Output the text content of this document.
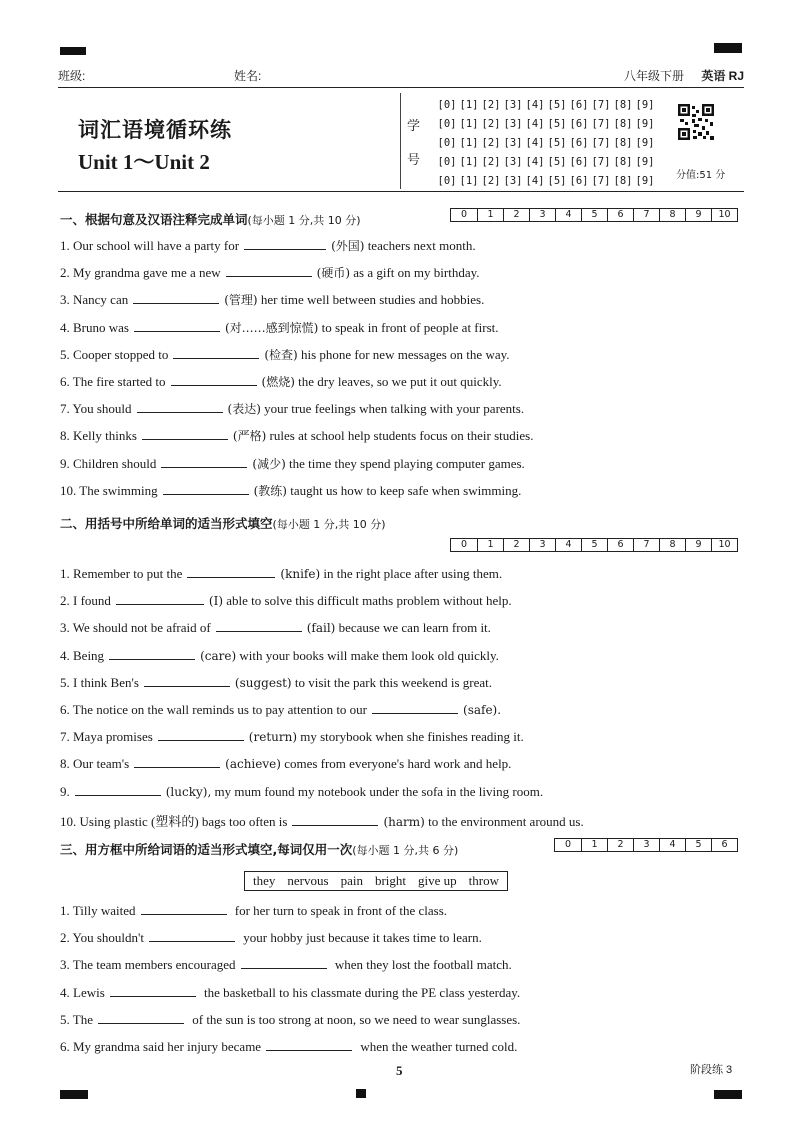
班级:	姓名:	八年级下册 英语 RJ
词汇语境循环练
Unit 1～Unit 2
学
号
[0] [1] [2] [3] [4] [5] [6] [7] [8] [9]
[0] [1] [2] [3] [4] [5] [6] [7] [8] [9]
[0] [1] [2] [3] [4] [5] [6] [7] [8] [9]
[0] [1] [2] [3] [4] [5] [6] [7] [8] [9]
[0] [1] [2] [3] [4] [5] [6] [7] [8] [9] 分值:51 分
一、根据句意及汉语注释完成单词(每小题 1 分,共 10 分)	0	1	2	3	4	5	6	7	8	9	10
1. Our school will have a party for	(外国) teachers next month.
2. My grandma gave me a new	(硬币) as a gift on my birthday.
3. Nancy can	(管理) her time well between studies and hobbies.
4. Bruno was	(对……感到惊慌) to speak in front of people at first.
5. Cooper stopped to	(检查) his phone for new messages on the way.
6. The fire started to	(燃烧) the dry leaves, so we put it out quickly.
7. You should	(表达) your true feelings when talking with your parents.
8. Kelly thinks	(严格) rules at school help students focus on their studies.
9. Children should	(减少) the time they spend playing computer games.
10. The swimming	(教练) taught us how to keep safe when swimming.
二、用括号中所给单词的适当形式填空(每小题 1 分,共 10 分)
0	1	2	3	4	5	6	7	8	9	10
1. Remember to put the	(knife) in the right place after using them.
2. I found	(I) able to solve this difficult maths problem without help.
3. We should not be afraid of	(fail) because we can learn from it.
4. Being	(care) with your books will make them look old quickly.
5. I think Ben's	(suggest) to visit the park this weekend is great.
6. The notice on the wall reminds us to pay attention to our	(safe).
7. Maya promises	(return) my storybook when she finishes reading it.
8. Our team's	(achieve) comes from everyone's hard work and help.
9.	(lucky), my mum found my notebook under the sofa in the living room.
10. Using plastic (塑料的) bags too often is	(harm) to the environment around us.
三、用方框中所给词语的适当形式填空,每词仅用一次(每小题 1 分,共 6 分)	0	1	2	3	4	5	6
they nervous pain bright give up throw
1. Tilly waited	for her turn to speak in front of the class.
2. You shouldn't	your hobby just because it takes time to learn.
3. The team members encouraged	when they lost the football match.
4. Lewis	the basketball to his classmate during the PE class yesterday.
5. The	of the sun is too strong at noon, so we need to wear sunglasses.
6. My grandma said her injury became	when the weather turned cold.
5	阶段练 3
